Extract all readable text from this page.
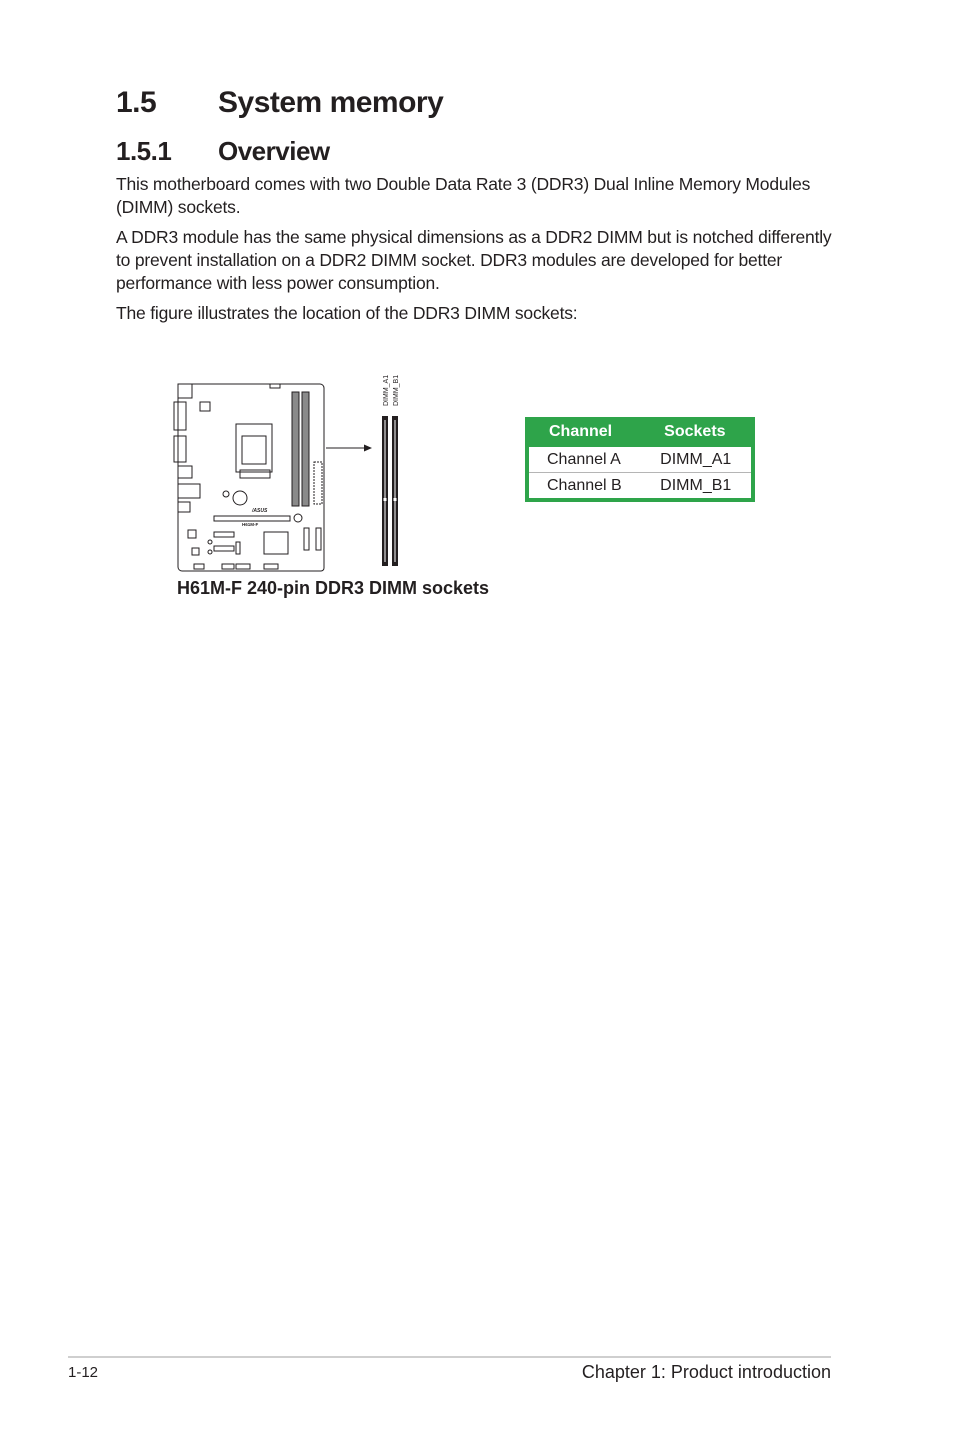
1.5 System memory
1.5.1 Overview

This motherboard comes with two Double Data Rate 3 (DDR3) Dual Inline Memory Modules (DIMM) sockets.

A DDR3 module has the same physical dimensions as a DDR2 DIMM but is notched differently to prevent installation on a DDR2 DIMM socket. DDR3 modules are developed for better performance with less power consumption.

The figure illustrates the location of the DDR3 DIMM sockets:

/ASUS
H61M-F
DIMM_A1 DIMM_B1

H61M-F 240-pin DDR3 DIMM sockets

Channel	Sockets
Channel A	DIMM_A1
Channel B	DIMM_B1
1-12	Chapter 1: Product introduction
